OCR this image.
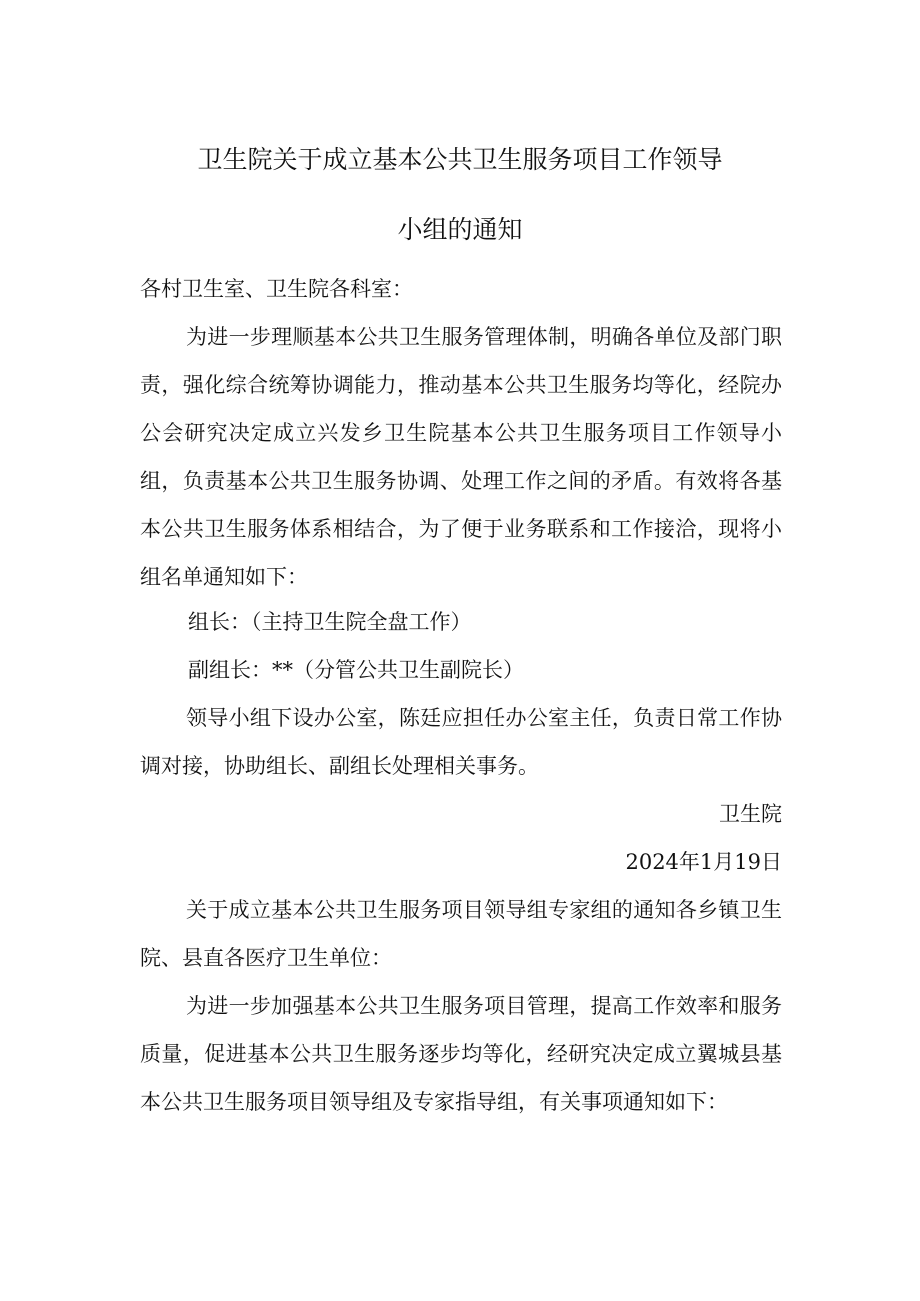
卫生院关于成立基本公共卫生服务项目工作领导
小组的通知
各村卫生室、卫生院各科室：
为进一步理顺基本公共卫生服务管理体制，明确各单位及部门职责，强化综合统筹协调能力，推动基本公共卫生服务均等化，经院办公会研究决定成立兴发乡卫生院基本公共卫生服务项目工作领导小组，负责基本公共卫生服务协调、处理工作之间的矛盾。有效将各基本公共卫生服务体系相结合，为了便于业务联系和工作接洽，现将小组名单通知如下：
组长：（主持卫生院全盘工作）
副组长：**（分管公共卫生副院长）
领导小组下设办公室，陈廷应担任办公室主任，负责日常工作协调对接，协助组长、副组长处理相关事务。
卫生院
2024年1月19日
关于成立基本公共卫生服务项目领导组专家组的通知各乡镇卫生院、县直各医疗卫生单位：
为进一步加强基本公共卫生服务项目管理，提高工作效率和服务质量，促进基本公共卫生服务逐步均等化，经研究决定成立翼城县基本公共卫生服务项目领导组及专家指导组，有关事项通知如下：
